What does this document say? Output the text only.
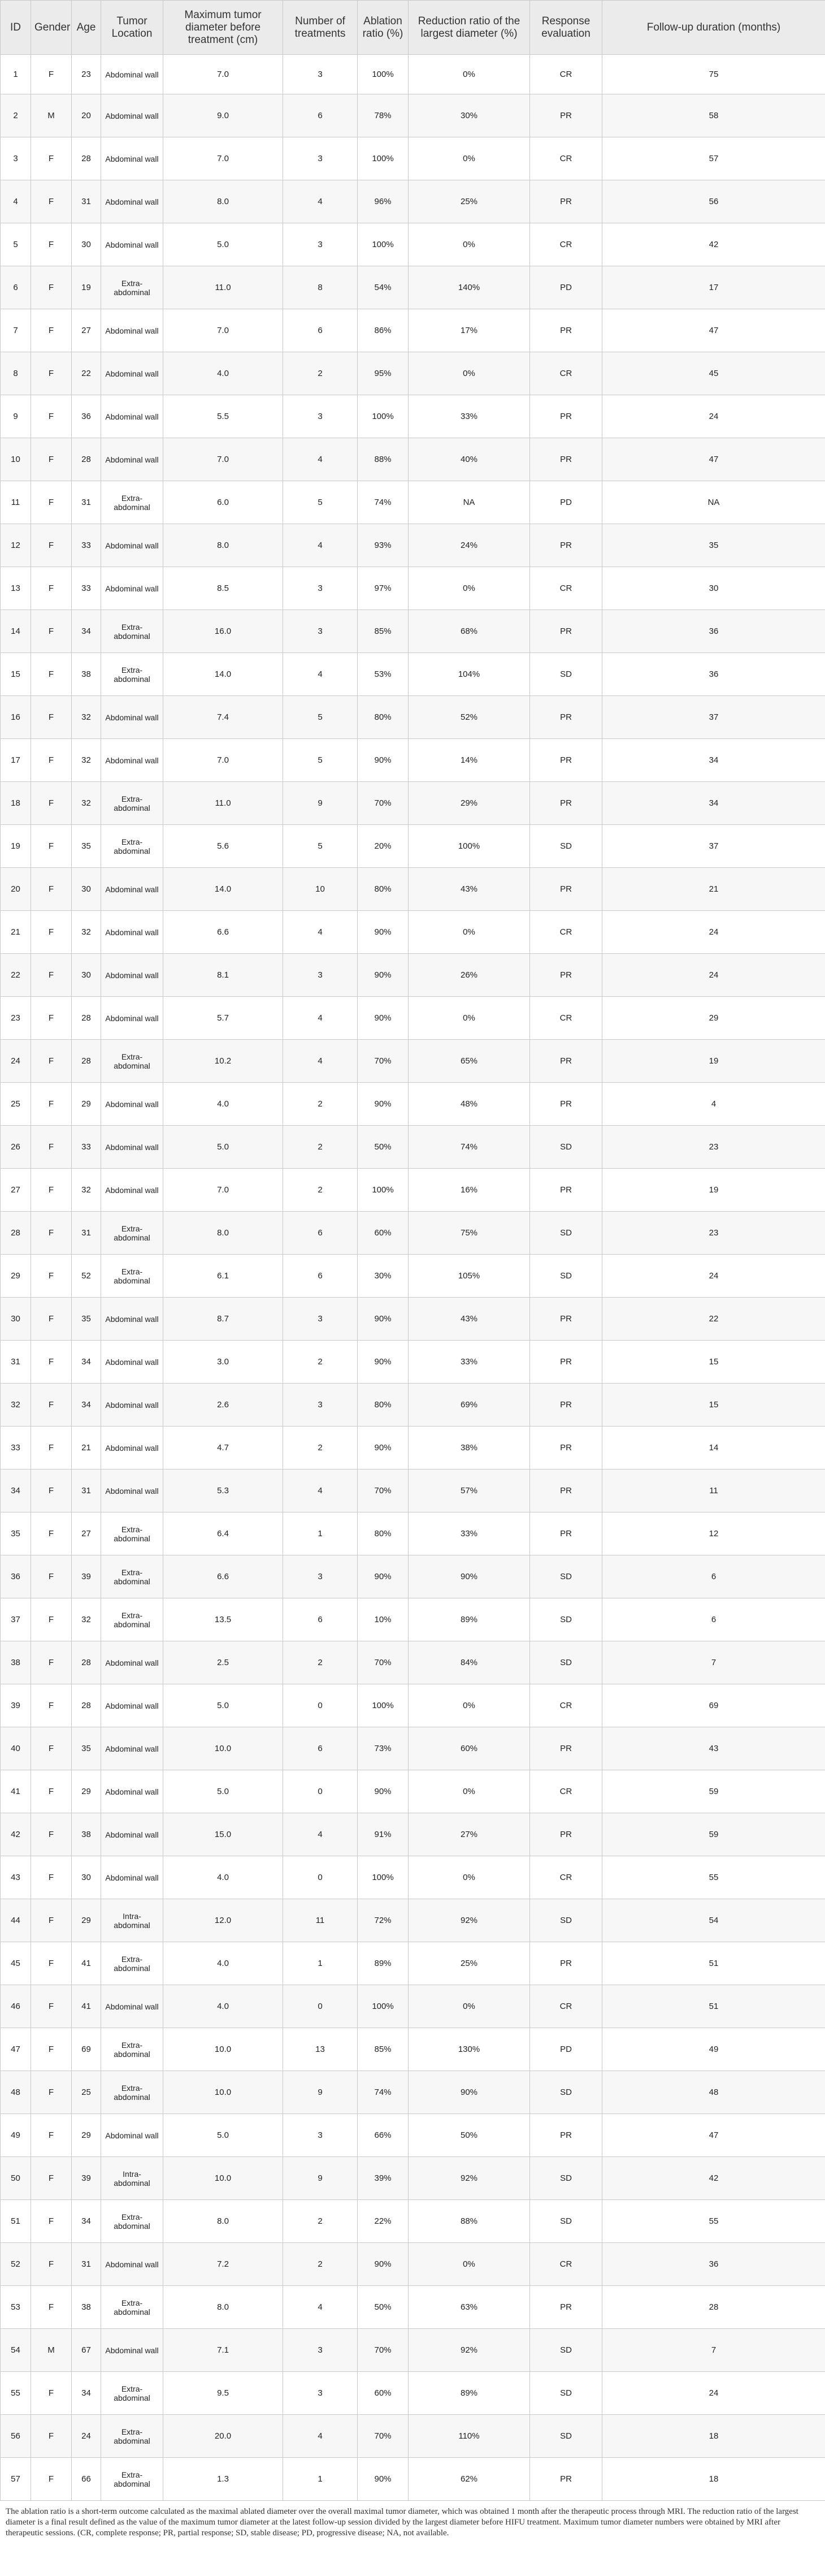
ID	Gender	Age	Tumor Location	Maximum tumor diameter before treatment (cm)	Number of treatments	Ablation ratio (%)	Reduction ratio of the largest diameter (%)	Response evaluation	Follow-up duration (months)
1	F	23	Abdominal wall	7.0	3	100%	0%	CR	75
2	M	20	Abdominal wall	9.0	6	78%	30%	PR	58
3	F	28	Abdominal wall	7.0	3	100%	0%	CR	57
4	F	31	Abdominal wall	8.0	4	96%	25%	PR	56
5	F	30	Abdominal wall	5.0	3	100%	0%	CR	42
6	F	19	Extra-abdominal	11.0	8	54%	140%	PD	17
7	F	27	Abdominal wall	7.0	6	86%	17%	PR	47
8	F	22	Abdominal wall	4.0	2	95%	0%	CR	45
9	F	36	Abdominal wall	5.5	3	100%	33%	PR	24
10	F	28	Abdominal wall	7.0	4	88%	40%	PR	47
11	F	31	Extra-abdominal	6.0	5	74%	NA	PD	NA
12	F	33	Abdominal wall	8.0	4	93%	24%	PR	35
13	F	33	Abdominal wall	8.5	3	97%	0%	CR	30
14	F	34	Extra-abdominal	16.0	3	85%	68%	PR	36
15	F	38	Extra-abdominal	14.0	4	53%	104%	SD	36
16	F	32	Abdominal wall	7.4	5	80%	52%	PR	37
17	F	32	Abdominal wall	7.0	5	90%	14%	PR	34
18	F	32	Extra-abdominal	11.0	9	70%	29%	PR	34
19	F	35	Extra-abdominal	5.6	5	20%	100%	SD	37
20	F	30	Abdominal wall	14.0	10	80%	43%	PR	21
21	F	32	Abdominal wall	6.6	4	90%	0%	CR	24
22	F	30	Abdominal wall	8.1	3	90%	26%	PR	24
23	F	28	Abdominal wall	5.7	4	90%	0%	CR	29
24	F	28	Extra-abdominal	10.2	4	70%	65%	PR	19
25	F	29	Abdominal wall	4.0	2	90%	48%	PR	4
26	F	33	Abdominal wall	5.0	2	50%	74%	SD	23
27	F	32	Abdominal wall	7.0	2	100%	16%	PR	19
28	F	31	Extra-abdominal	8.0	6	60%	75%	SD	23
29	F	52	Extra-abdominal	6.1	6	30%	105%	SD	24
30	F	35	Abdominal wall	8.7	3	90%	43%	PR	22
31	F	34	Abdominal wall	3.0	2	90%	33%	PR	15
32	F	34	Abdominal wall	2.6	3	80%	69%	PR	15
33	F	21	Abdominal wall	4.7	2	90%	38%	PR	14
34	F	31	Abdominal wall	5.3	4	70%	57%	PR	11
35	F	27	Extra-abdominal	6.4	1	80%	33%	PR	12
36	F	39	Extra-abdominal	6.6	3	90%	90%	SD	6
37	F	32	Extra-abdominal	13.5	6	10%	89%	SD	6
38	F	28	Abdominal wall	2.5	2	70%	84%	SD	7
39	F	28	Abdominal wall	5.0	0	100%	0%	CR	69
40	F	35	Abdominal wall	10.0	6	73%	60%	PR	43
41	F	29	Abdominal wall	5.0	0	90%	0%	CR	59
42	F	38	Abdominal wall	15.0	4	91%	27%	PR	59
43	F	30	Abdominal wall	4.0	0	100%	0%	CR	55
44	F	29	Intra-abdominal	12.0	11	72%	92%	SD	54
45	F	41	Extra-abdominal	4.0	1	89%	25%	PR	51
46	F	41	Abdominal wall	4.0	0	100%	0%	CR	51
47	F	69	Extra-abdominal	10.0	13	85%	130%	PD	49
48	F	25	Extra-abdominal	10.0	9	74%	90%	SD	48
49	F	29	Abdominal wall	5.0	3	66%	50%	PR	47
50	F	39	Intra-abdominal	10.0	9	39%	92%	SD	42
51	F	34	Extra-abdominal	8.0	2	22%	88%	SD	55
52	F	31	Abdominal wall	7.2	2	90%	0%	CR	36
53	F	38	Extra-abdominal	8.0	4	50%	63%	PR	28
54	M	67	Abdominal wall	7.1	3	70%	92%	SD	7
55	F	34	Extra-abdominal	9.5	3	60%	89%	SD	24
56	F	24	Extra-abdominal	20.0	4	70%	110%	SD	18
57	F	66	Extra-abdominal	1.3	1	90%	62%	PR	18
The ablation ratio is a short-term outcome calculated as the maximal ablated diameter over the overall maximal tumor diameter, which was obtained 1 month after the therapeutic process through MRI. The reduction ratio of the largest diameter is a final result defined as the value of the maximum tumor diameter at the latest follow-up session divided by the largest diameter before HIFU treatment. Maximum tumor diameter numbers were obtained by MRI after therapeutic sessions. (CR, complete response; PR, partial response; SD, stable disease; PD, progressive disease; NA, not available.
